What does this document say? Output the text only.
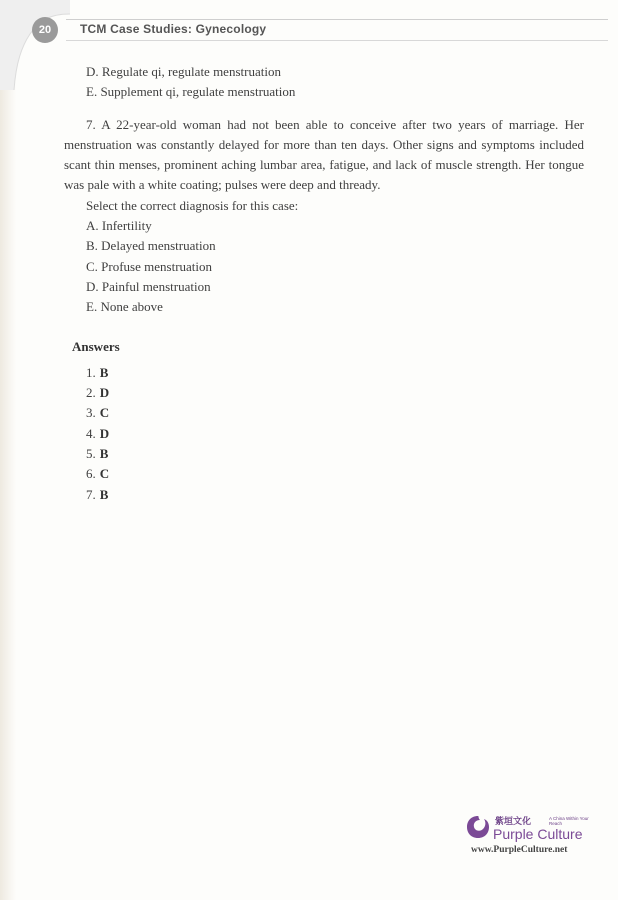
20	TCM Case Studies: Gynecology
D. Regulate qi, regulate menstruation
E. Supplement qi, regulate menstruation
7. A 22-year-old woman had not been able to conceive after two years of marriage. Her menstruation was constantly delayed for more than ten days. Other signs and symptoms included scant thin menses, prominent aching lumbar area, fatigue, and lack of muscle strength. Her tongue was pale with a white coating; pulses were deep and thready.
Select the correct diagnosis for this case:
A. Infertility
B. Delayed menstruation
C. Profuse menstruation
D. Painful menstruation
E. None above
Answers
1. B
2. D
3. C
4. D
5. B
6. C
7. B
紫垣文化	A China Within Your Reach
Purple Culture
www.PurpleCulture.net
